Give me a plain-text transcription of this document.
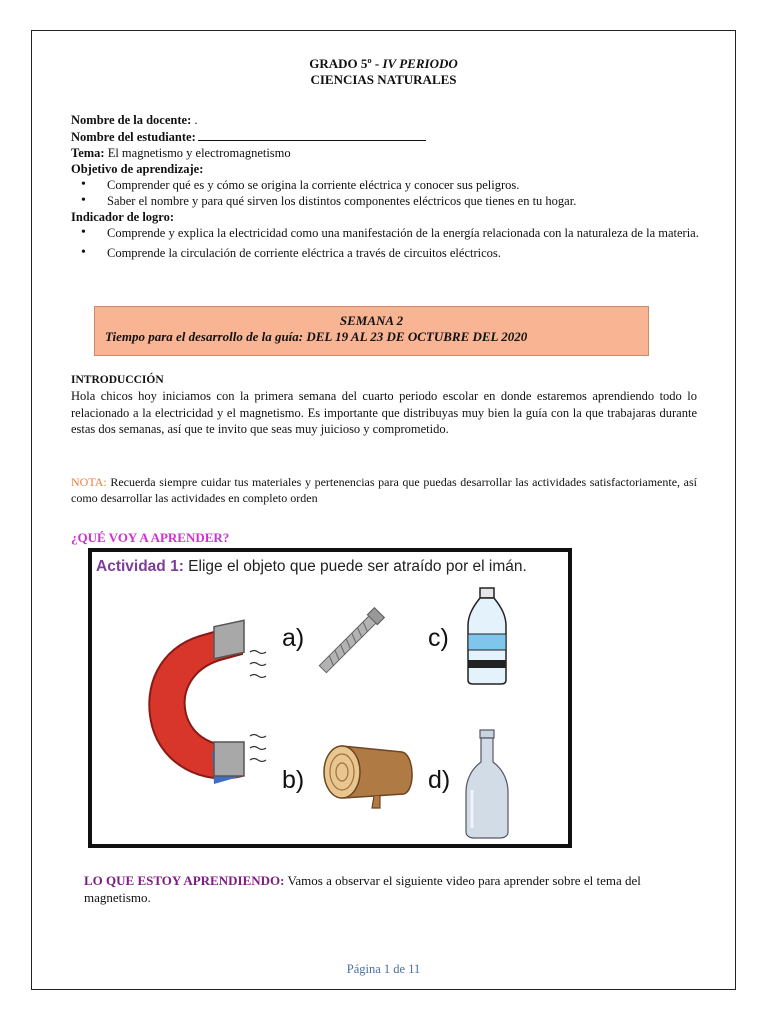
GRADO 5º - IV PERIODO
CIENCIAS NATURALES
Nombre de la docente: .
Nombre del estudiante:
Tema: El magnetismo y electromagnetismo
Objetivo de aprendizaje:
• Comprender qué es y cómo se origina la corriente eléctrica y conocer sus peligros.
• Saber el nombre y para qué sirven los distintos componentes eléctricos que tienes en tu hogar.
Indicador de logro:
• Comprende y explica la electricidad como una manifestación de la energía relacionada con la naturaleza de la materia.
• Comprende la circulación de corriente eléctrica a través de circuitos eléctricos.
SEMANA 2
Tiempo para el desarrollo de la guía: DEL 19 AL 23 DE OCTUBRE DEL 2020
INTRODUCCIÓN
Hola chicos hoy iniciamos con la primera semana del cuarto periodo escolar en donde estaremos aprendiendo todo lo relacionado a la electricidad y el magnetismo. Es importante que distribuyas muy bien la guía con la que trabajaras durante estas dos semanas, así que te invito que seas muy juicioso y comprometido.
NOTA: Recuerda siempre cuidar tus materiales y pertenencias para que puedas desarrollar las actividades satisfactoriamente, así como desarrollar las actividades en completo orden
¿QUÉ VOY A APRENDER?
Actividad 1: Elige el objeto que puede ser atraído por el imán.
a)
b)
c)
d)
LO QUE ESTOY APRENDIENDO: Vamos a observar el siguiente video para aprender sobre el tema del magnetismo.
Página 1 de 11
